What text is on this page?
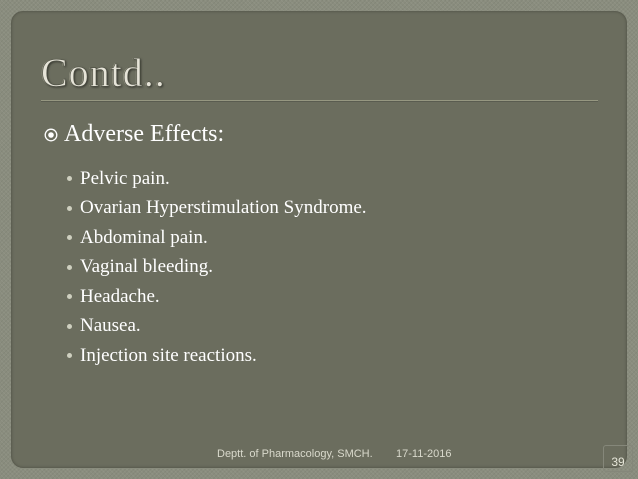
Contd..
Adverse Effects:
Pelvic pain.
Ovarian Hyperstimulation Syndrome.
Abdominal pain.
Vaginal bleeding.
Headache.
Nausea.
Injection site reactions.
Deptt. of Pharmacology, SMCH. 17-11-2016
39
